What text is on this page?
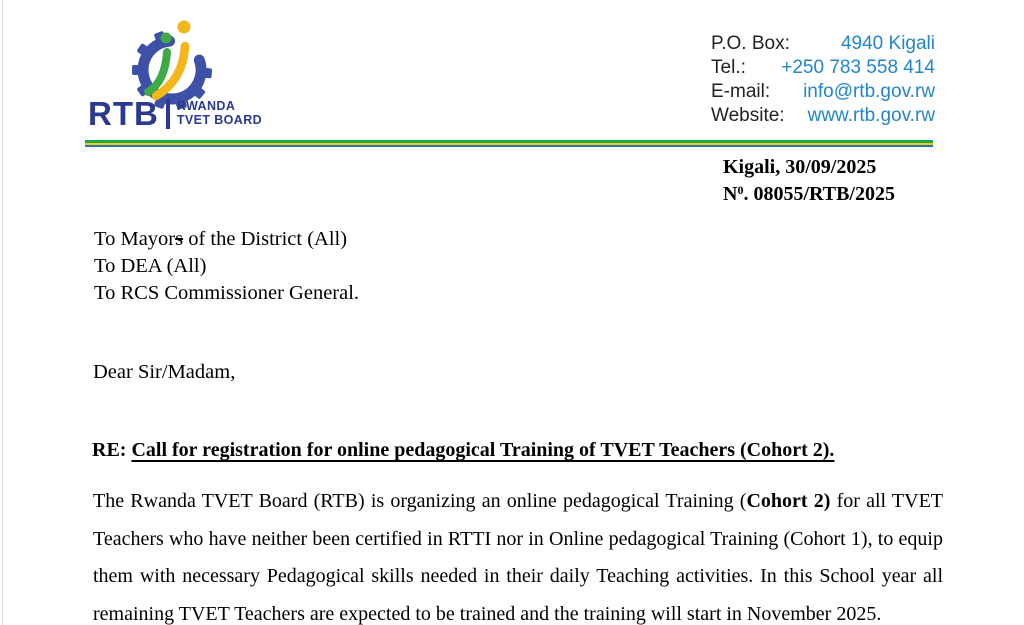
RTB RWANDA
TVET BOARD
P.O. Box:	4940 Kigali
Tel.: +250 783 558 414
E-mail: info@rtb.gov.rw
Website: www.rtb.gov.rw
Kigali, 30/09/2025
$N^0$. 08055/RTB/2025
To Mayors of the District (All)
To DEA (All)
To RCS Commissioner General.
Dear Sir/Madam,
RE: Call for registration for online pedagogical Training of TVET Teachers (Cohort 2).

The Rwanda TVET Board (RTB) is organizing an online pedagogical Training (Cohort 2) for all TVET Teachers who have neither been certified in RTTI nor in Online pedagogical Training (Cohort 1), to equip them with necessary Pedagogical skills needed in their daily Teaching activities. In this School year all remaining TVET Teachers are expected to be trained and the training will start in November 2025.
